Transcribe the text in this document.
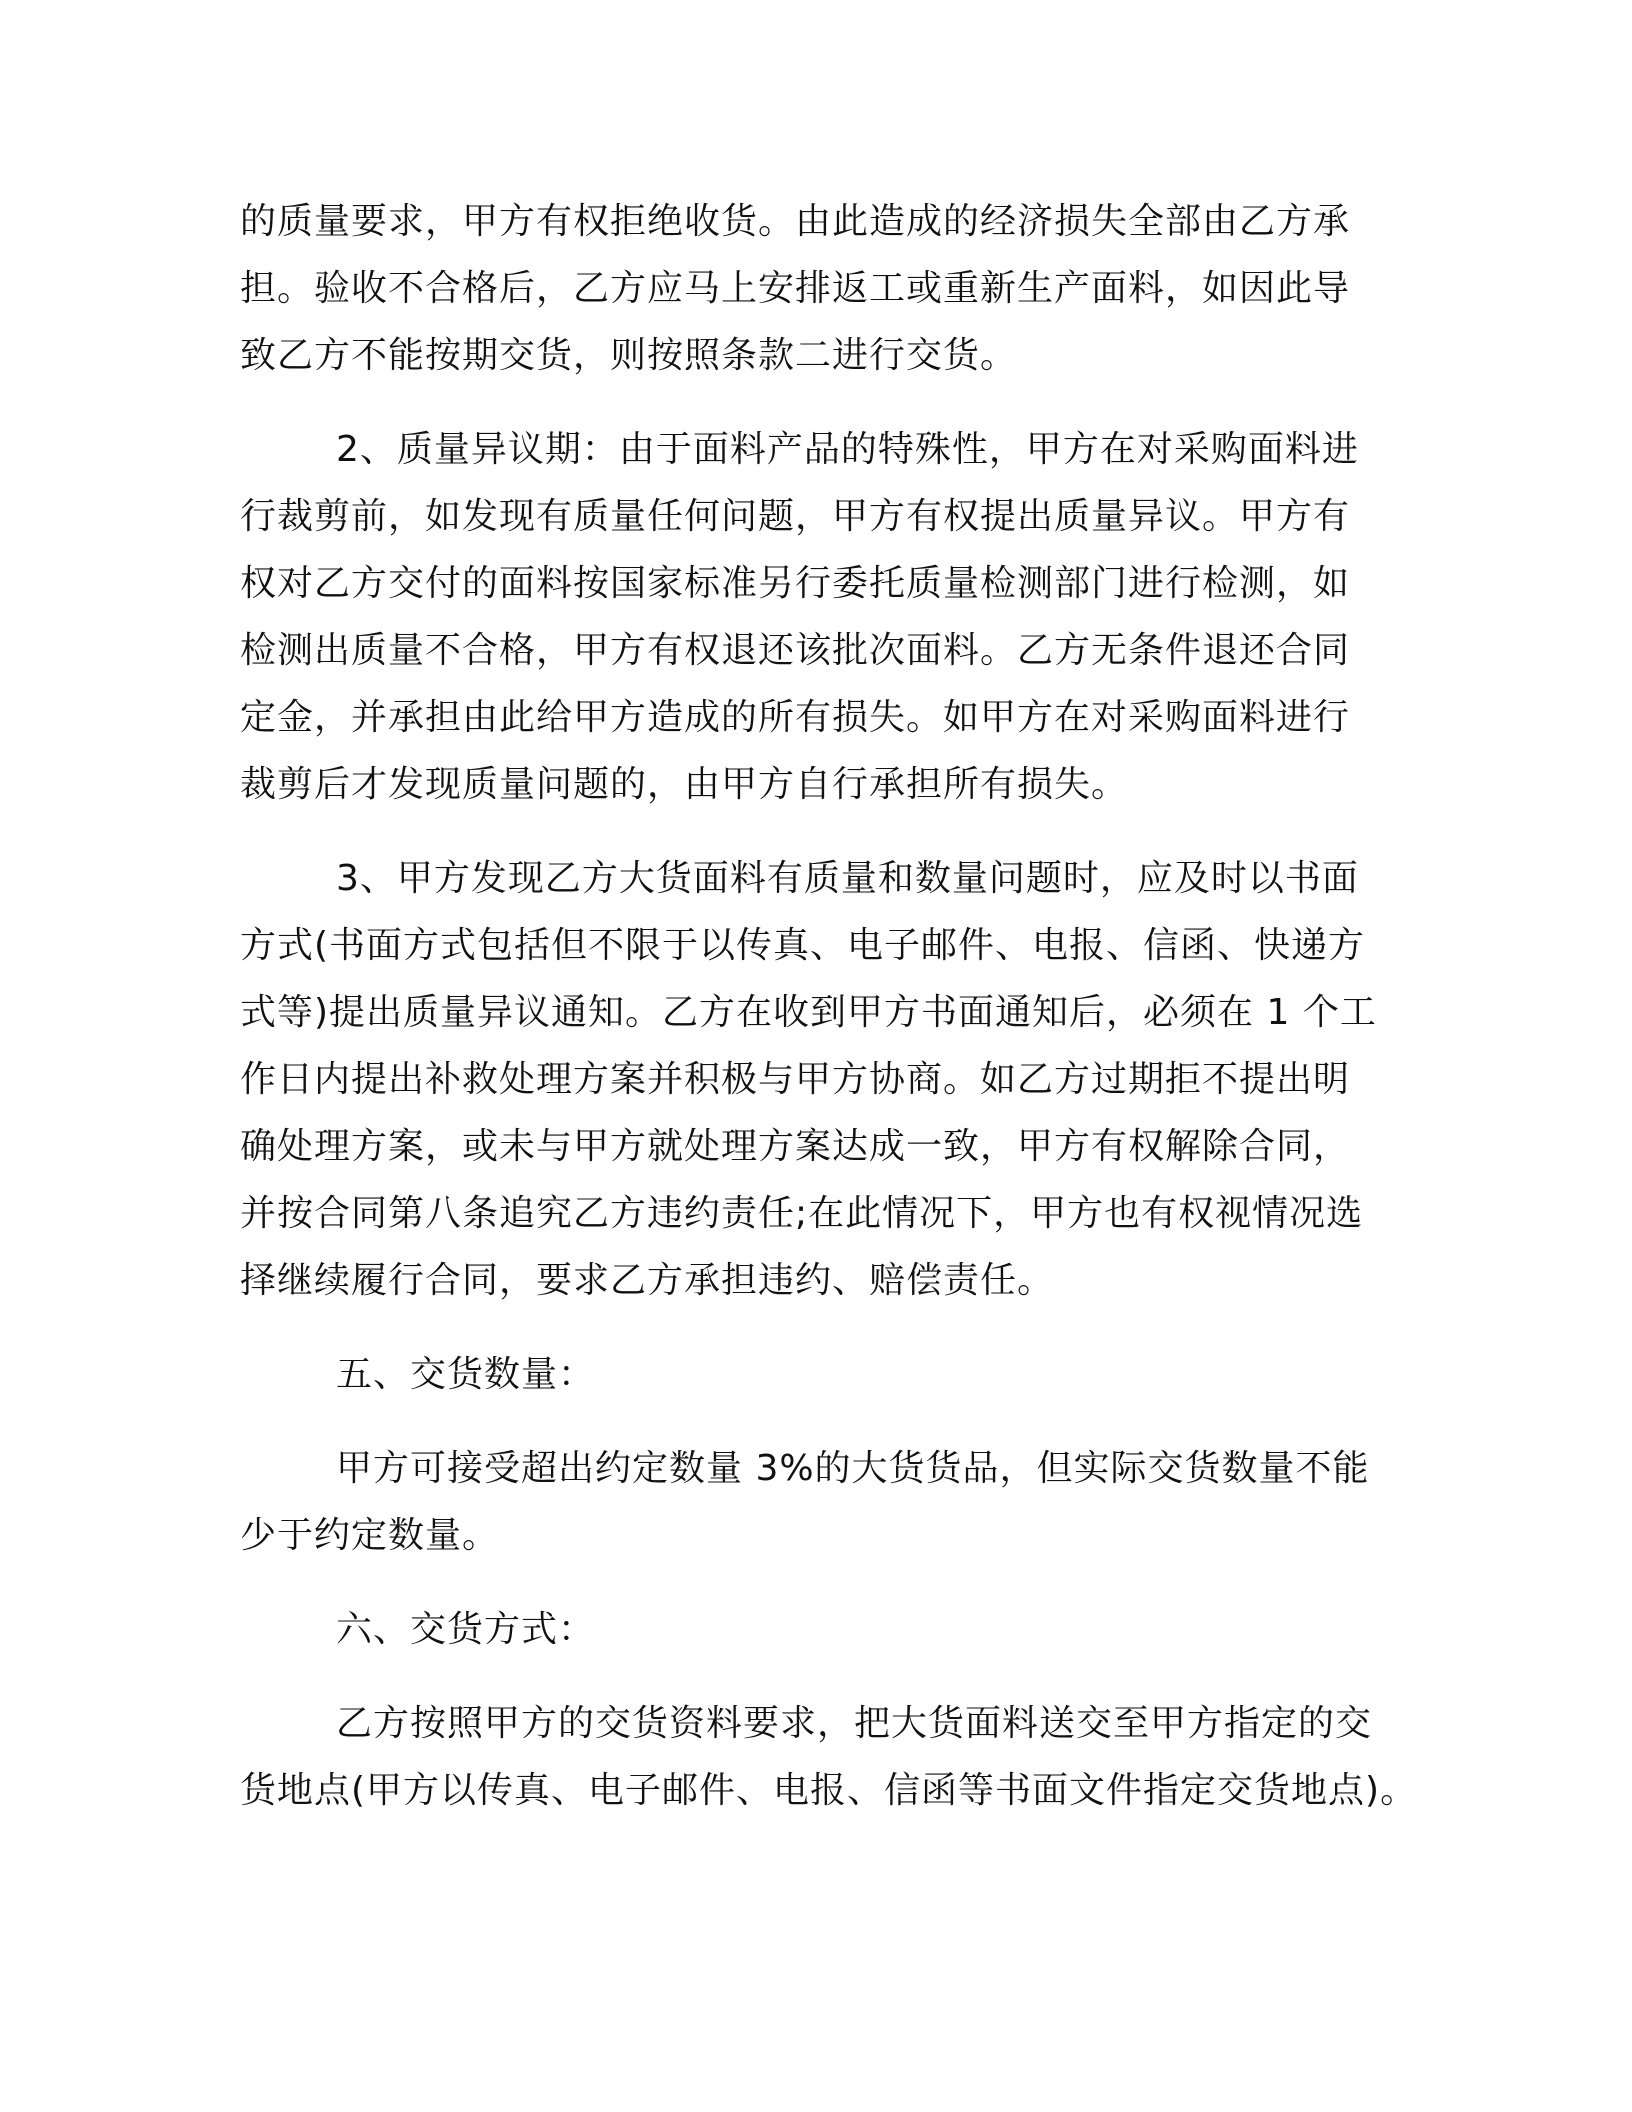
的质量要求，甲方有权拒绝收货。由此造成的经济损失全部由乙方承
担。验收不合格后，乙方应马上安排返工或重新生产面料，如因此导
致乙方不能按期交货，则按照条款二进行交货。

2、质量异议期：由于面料产品的特殊性，甲方在对采购面料进
行裁剪前，如发现有质量任何问题，甲方有权提出质量异议。甲方有
权对乙方交付的面料按国家标准另行委托质量检测部门进行检测，如
检测出质量不合格，甲方有权退还该批次面料。乙方无条件退还合同
定金，并承担由此给甲方造成的所有损失。如甲方在对采购面料进行
裁剪后才发现质量问题的，由甲方自行承担所有损失。

3、甲方发现乙方大货面料有质量和数量问题时，应及时以书面
方式(书面方式包括但不限于以传真、电子邮件、电报、信函、快递方
式等)提出质量异议通知。乙方在收到甲方书面通知后，必须在 1 个工
作日内提出补救处理方案并积极与甲方协商。如乙方过期拒不提出明
确处理方案，或未与甲方就处理方案达成一致，甲方有权解除合同，
并按合同第八条追究乙方违约责任;在此情况下，甲方也有权视情况选
择继续履行合同，要求乙方承担违约、赔偿责任。

五、交货数量：

甲方可接受超出约定数量 3%的大货货品，但实际交货数量不能
少于约定数量。

六、交货方式：

乙方按照甲方的交货资料要求，把大货面料送交至甲方指定的交
货地点(甲方以传真、电子邮件、电报、信函等书面文件指定交货地点)。
